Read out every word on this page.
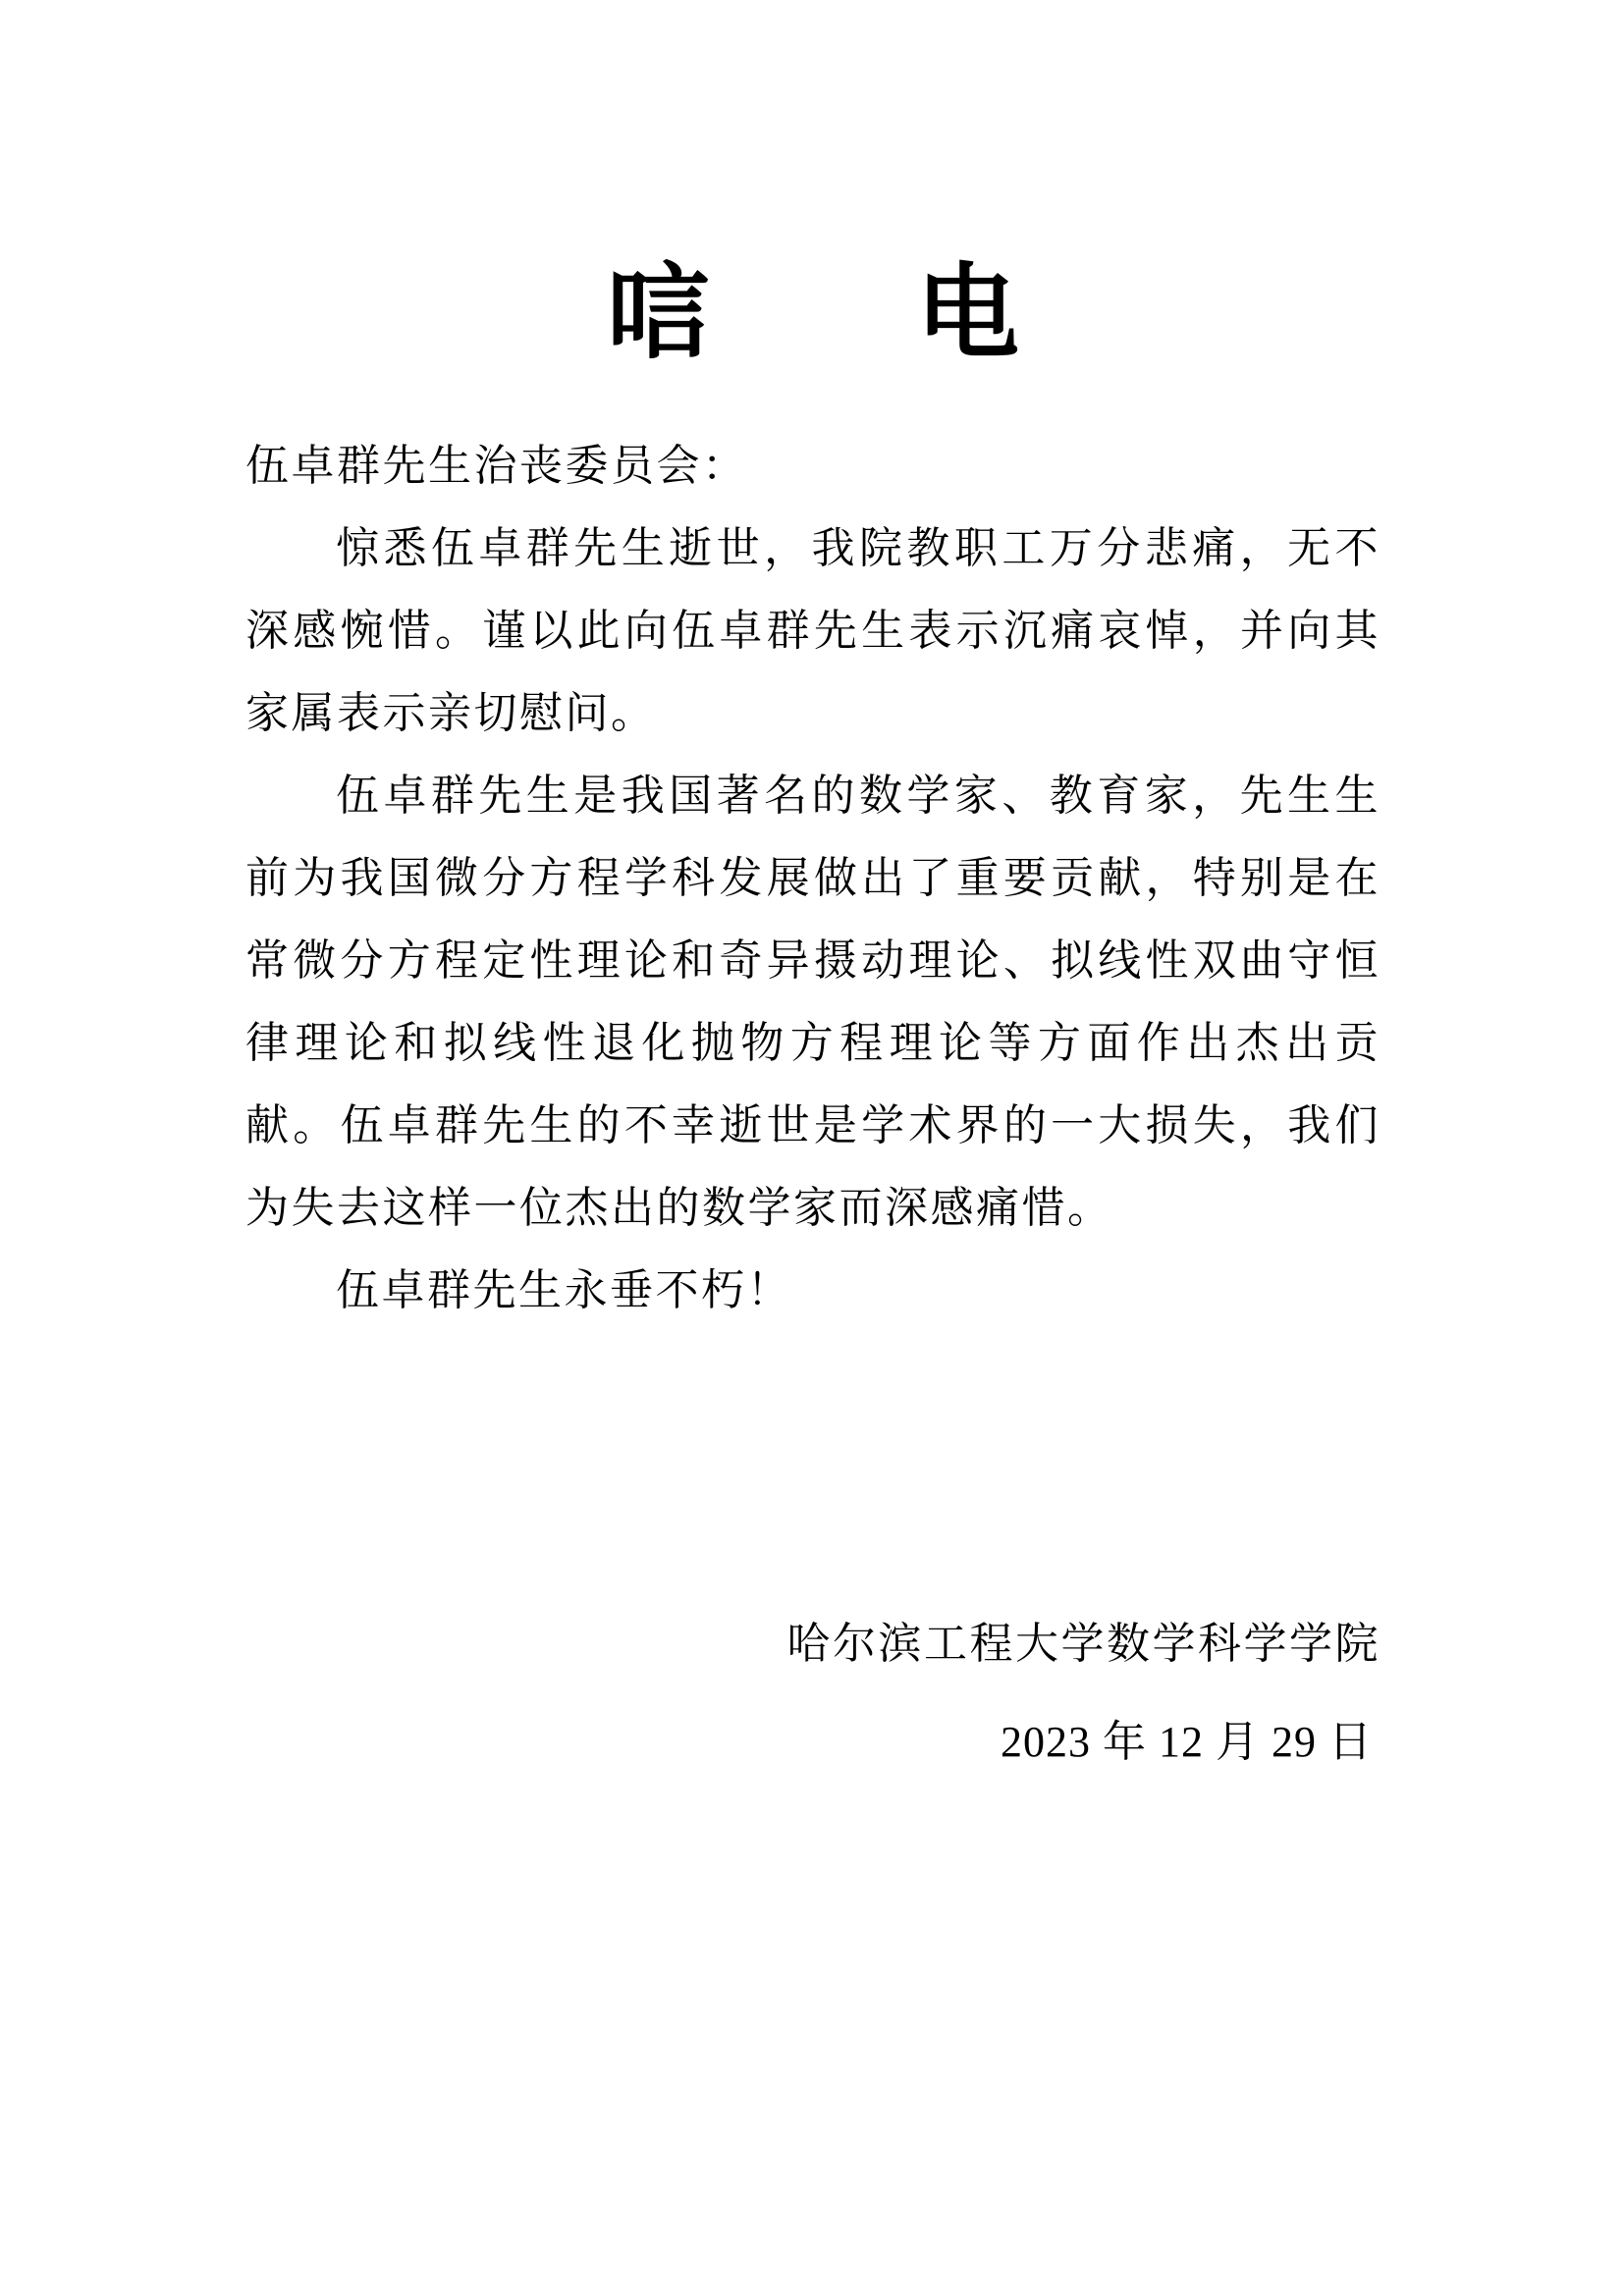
唁　　电

伍卓群先生治丧委员会：

惊悉伍卓群先生逝世，我院教职工万分悲痛，无不深感惋惜。谨以此向伍卓群先生表示沉痛哀悼，并向其家属表示亲切慰问。

伍卓群先生是我国著名的数学家、教育家，先生生前为我国微分方程学科发展做出了重要贡献，特别是在常微分方程定性理论和奇异摄动理论、拟线性双曲守恒律理论和拟线性退化抛物方程理论等方面作出杰出贡献。伍卓群先生的不幸逝世是学术界的一大损失，我们为失去这样一位杰出的数学家而深感痛惜。

伍卓群先生永垂不朽！

哈尔滨工程大学数学科学学院

2023 年 12 月 29 日
